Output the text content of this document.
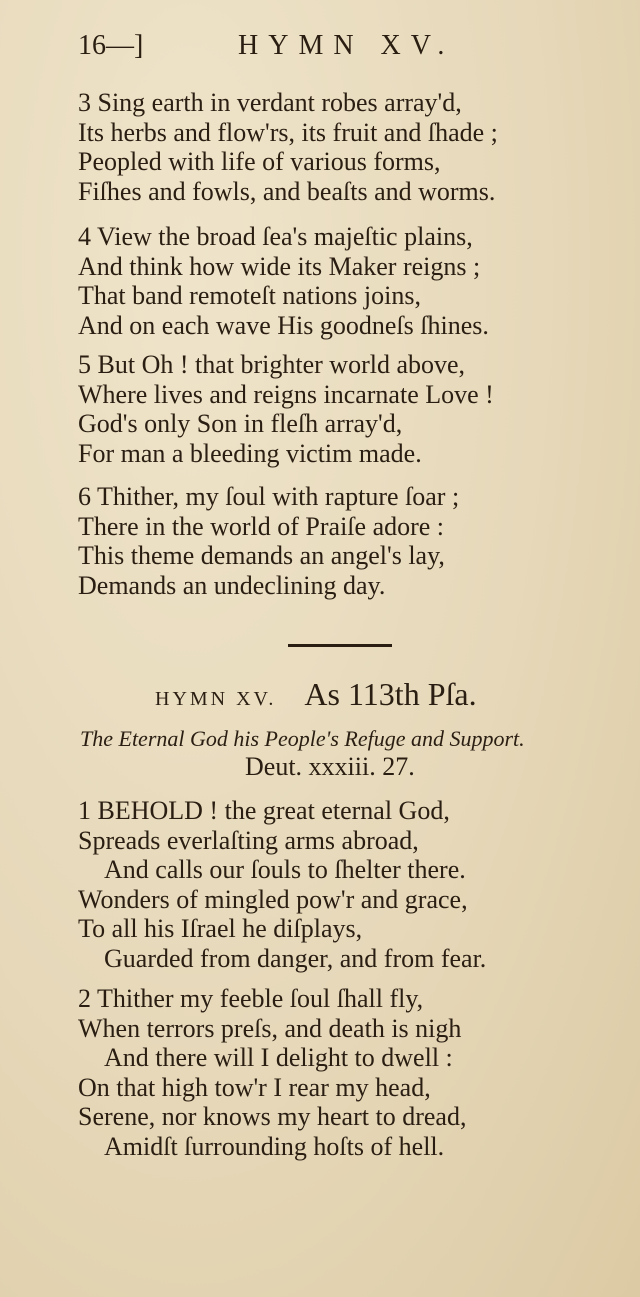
16—]	HYMN XV.
3 Sing earth in verdant robes array'd,
Its herbs and flow'rs, its fruit and ſhade ;
Peopled with life of various forms,
Fiſhes and fowls, and beaſts and worms.
4 View the broad ſea's majeſtic plains,
And think how wide its Maker reigns ;
That band remoteſt nations joins,
And on each wave His goodneſs ſhines.
5 But Oh ! that brighter world above,
Where lives and reigns incarnate Love !
God's only Son in fleſh array'd,
For man a bleeding victim made.
6 Thither, my ſoul with rapture ſoar ;
There in the world of Praiſe adore :
This theme demands an angel's lay,
Demands an undeclining day.
HYMN XV. As 113th Pſa.
The Eternal God his People's Refuge and Support.
Deut. xxxiii. 27.
1 BEHOLD ! the great eternal God,
Spreads everlaſting arms abroad,
And calls our ſouls to ſhelter there.
Wonders of mingled pow'r and grace,
To all his Iſrael he diſplays,
Guarded from danger, and from fear.
2 Thither my feeble ſoul ſhall fly,
When terrors preſs, and death is nigh
And there will I delight to dwell :
On that high tow'r I rear my head,
Serene, nor knows my heart to dread,
Amidſt ſurrounding hoſts of hell.
